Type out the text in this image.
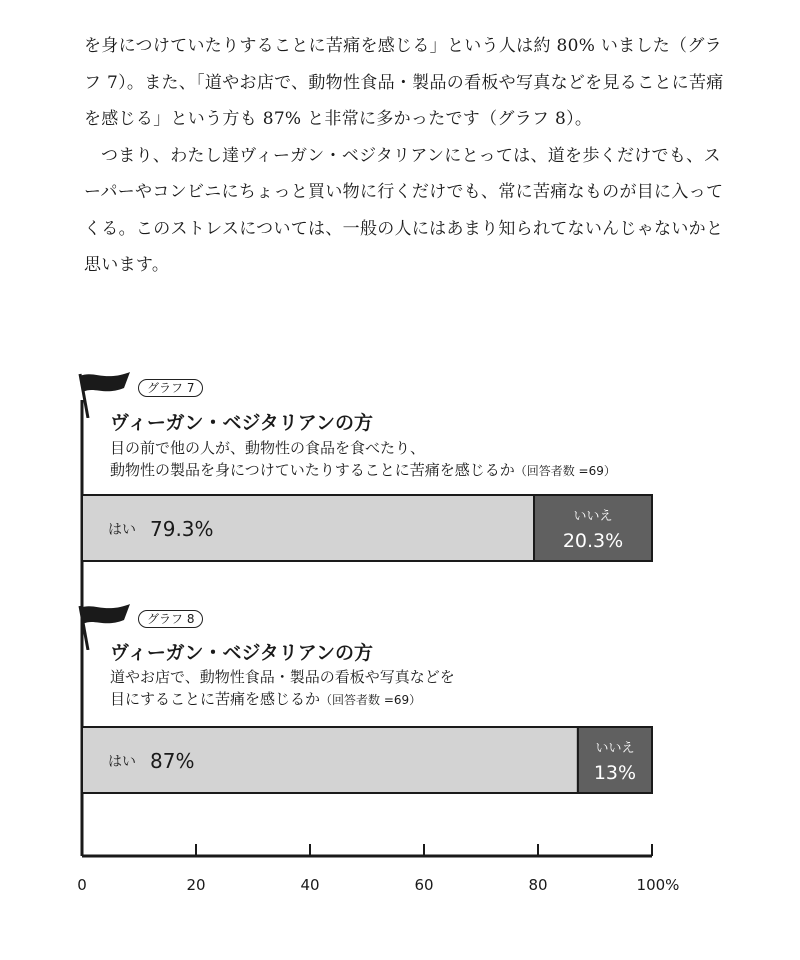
を身につけていたりすることに苦痛を感じる」という人は約 80% いました（グラフ 7）。また、「道やお店で、動物性食品・製品の看板や写真などを見ることに苦痛を感じる」という方も 87% と非常に多かったです（グラフ 8）。

つまり、わたし達ヴィーガン・ベジタリアンにとっては、道を歩くだけでも、スーパーやコンビニにちょっと買い物に行くだけでも、常に苦痛なものが目に入ってくる。このストレスについては、一般の人にはあまり知られてないんじゃないかと思います。

グラフ 7
ヴィーガン・ベジタリアンの方
目の前で他の人が、動物性の食品を食べたり、
動物性の製品を身につけていたりすることに苦痛を感じるか（回答者数 =69）
グラフ 8
ヴィーガン・ベジタリアンの方
道やお店で、動物性食品・製品の看板や写真などを
目にすることに苦痛を感じるか（回答者数 =69）
はい 79.3%
いいえ
20.3%
はい 87%
いいえ
13%
0	20	40	60	80	100%
